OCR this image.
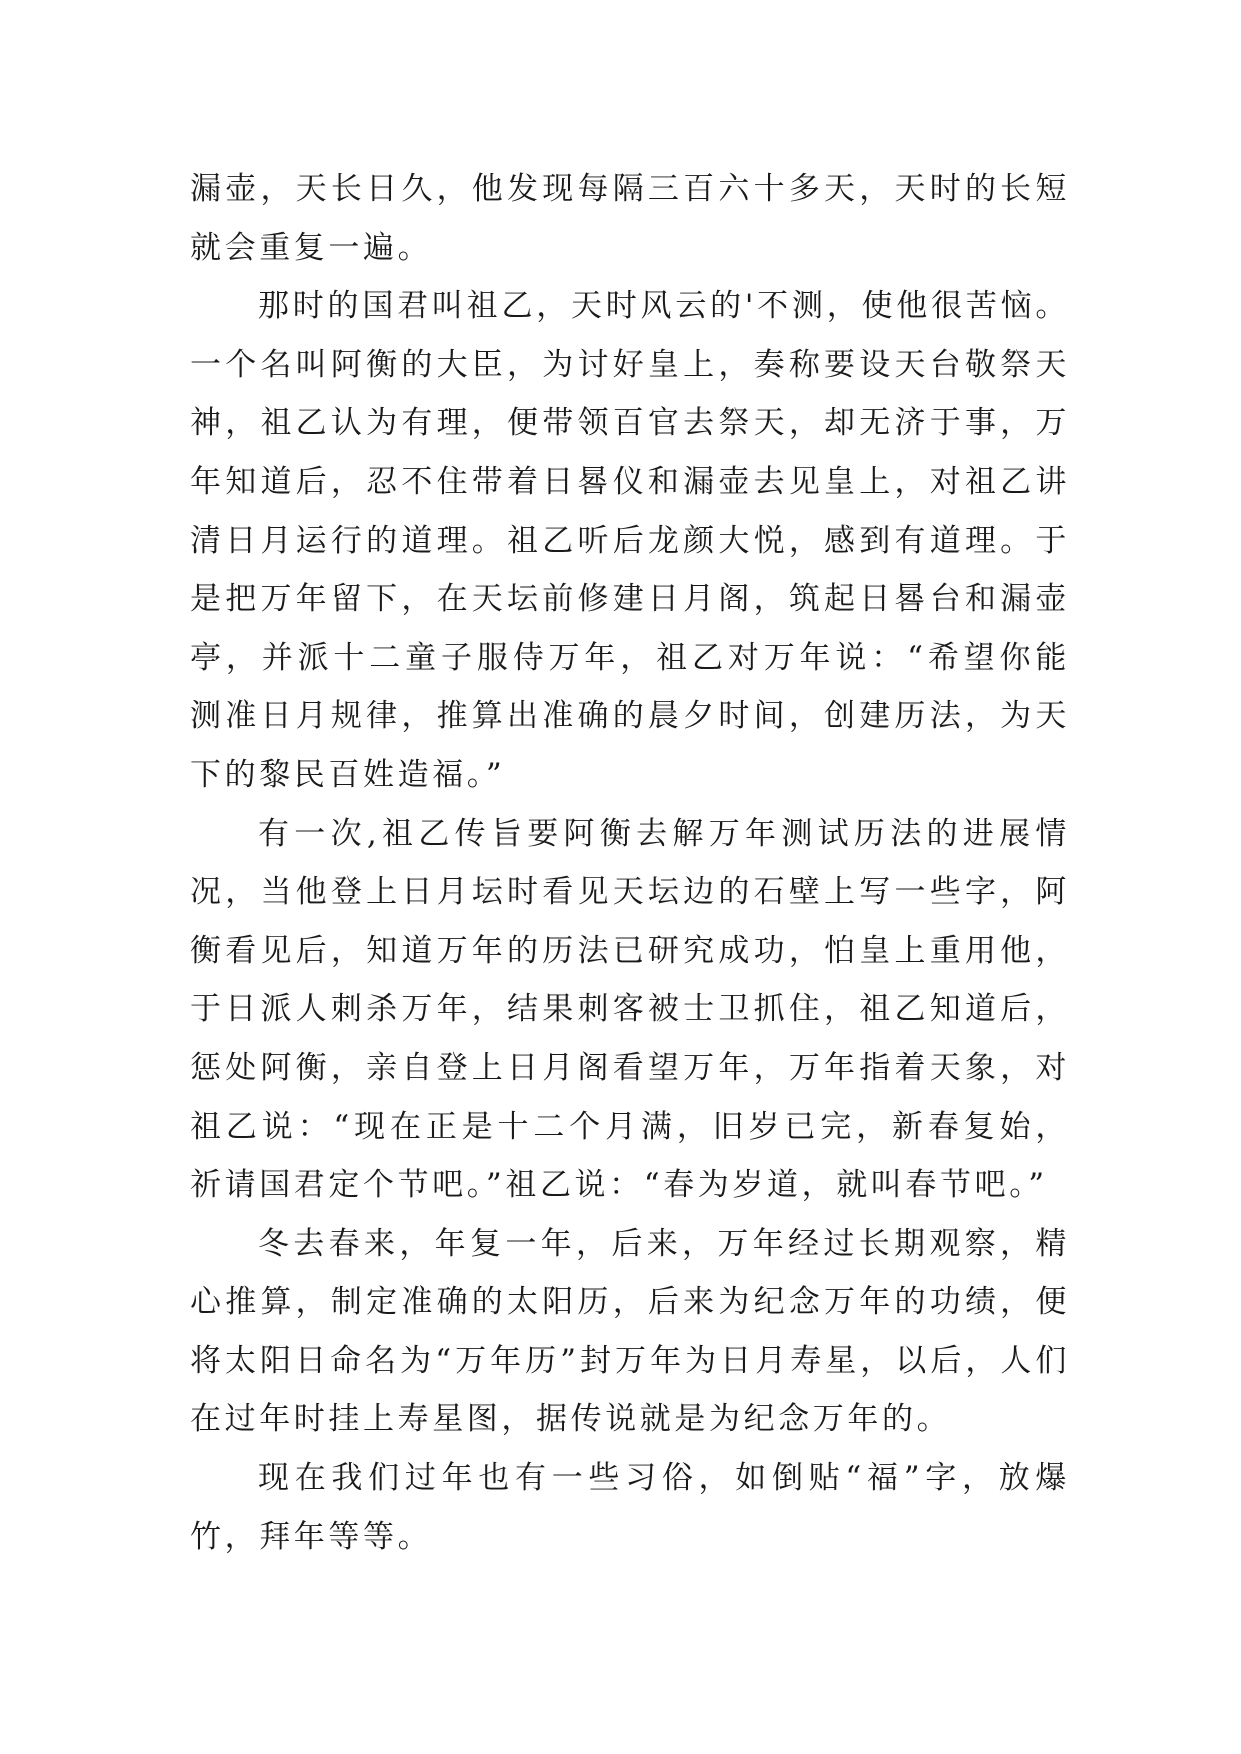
漏壶，天长日久，他发现每隔三百六十多天，天时的长短就会重复一遍。

那时的国君叫祖乙，天时风云的'不测，使他很苦恼。一个名叫阿衡的大臣，为讨好皇上，奏称要设天台敬祭天神，祖乙认为有理，便带领百官去祭天，却无济于事，万年知道后，忍不住带着日晷仪和漏壶去见皇上，对祖乙讲清日月运行的道理。祖乙听后龙颜大悦，感到有道理。于是把万年留下，在天坛前修建日月阁，筑起日晷台和漏壶亭，并派十二童子服侍万年，祖乙对万年说：“希望你能测准日月规律，推算出准确的晨夕时间，创建历法，为天下的黎民百姓造福。”

有一次,祖乙传旨要阿衡去解万年测试历法的进展情况，当他登上日月坛时看见天坛边的石壁上写一些字，阿衡看见后，知道万年的历法已研究成功，怕皇上重用他，于日派人刺杀万年，结果刺客被士卫抓住，祖乙知道后，惩处阿衡，亲自登上日月阁看望万年，万年指着天象，对祖乙说：“现在正是十二个月满，旧岁已完，新春复始，祈请国君定个节吧。”祖乙说：“春为岁道，就叫春节吧。”

冬去春来，年复一年，后来，万年经过长期观察，精心推算，制定准确的太阳历，后来为纪念万年的功绩，便将太阳日命名为“万年历”封万年为日月寿星，以后，人们在过年时挂上寿星图，据传说就是为纪念万年的。

现在我们过年也有一些习俗，如倒贴“福”字，放爆竹，拜年等等。
